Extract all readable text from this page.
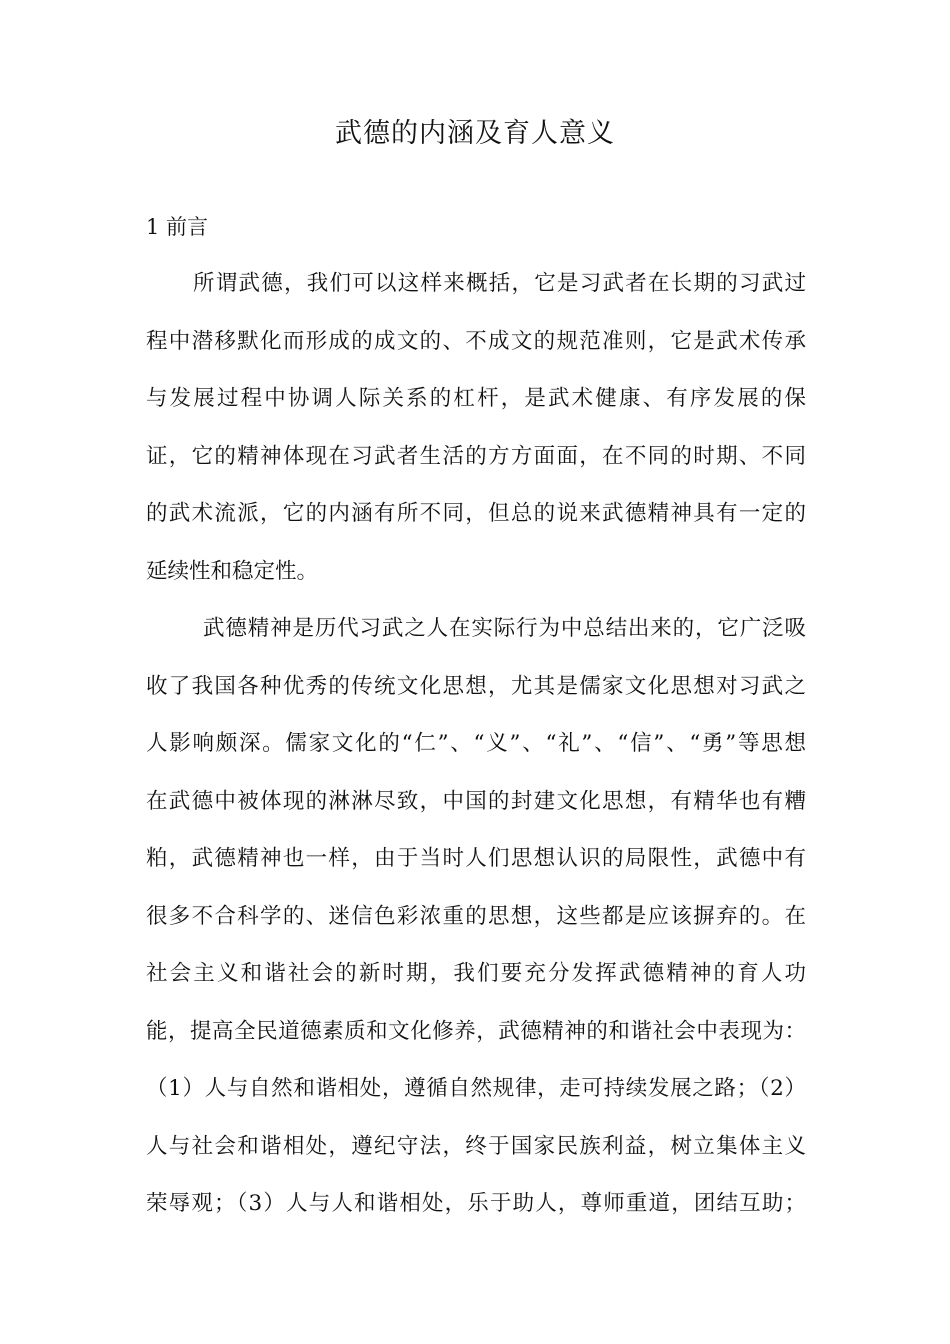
武德的内涵及育人意义
1 前言
所谓武德，我们可以这样来概括，它是习武者在长期的习武过
程中潜移默化而形成的成文的、不成文的规范准则，它是武术传承
与发展过程中协调人际关系的杠杆，是武术健康、有序发展的保
证，它的精神体现在习武者生活的方方面面，在不同的时期、不同
的武术流派，它的内涵有所不同，但总的说来武德精神具有一定的
延续性和稳定性。
武德精神是历代习武之人在实际行为中总结出来的，它广泛吸
收了我国各种优秀的传统文化思想，尤其是儒家文化思想对习武之
人影响颇深。儒家文化的“仁”、“义”、“礼”、“信”、“勇”等思想
在武德中被体现的淋淋尽致，中国的封建文化思想，有精华也有糟
粕，武德精神也一样，由于当时人们思想认识的局限性，武德中有
很多不合科学的、迷信色彩浓重的思想，这些都是应该摒弃的。在
社会主义和谐社会的新时期，我们要充分发挥武德精神的育人功
能，提高全民道德素质和文化修养，武德精神的和谐社会中表现为：
（1）人与自然和谐相处，遵循自然规律，走可持续发展之路；（2）
人与社会和谐相处，遵纪守法，终于国家民族利益，树立集体主义
荣辱观；（3）人与人和谐相处，乐于助人，尊师重道，团结互助；
